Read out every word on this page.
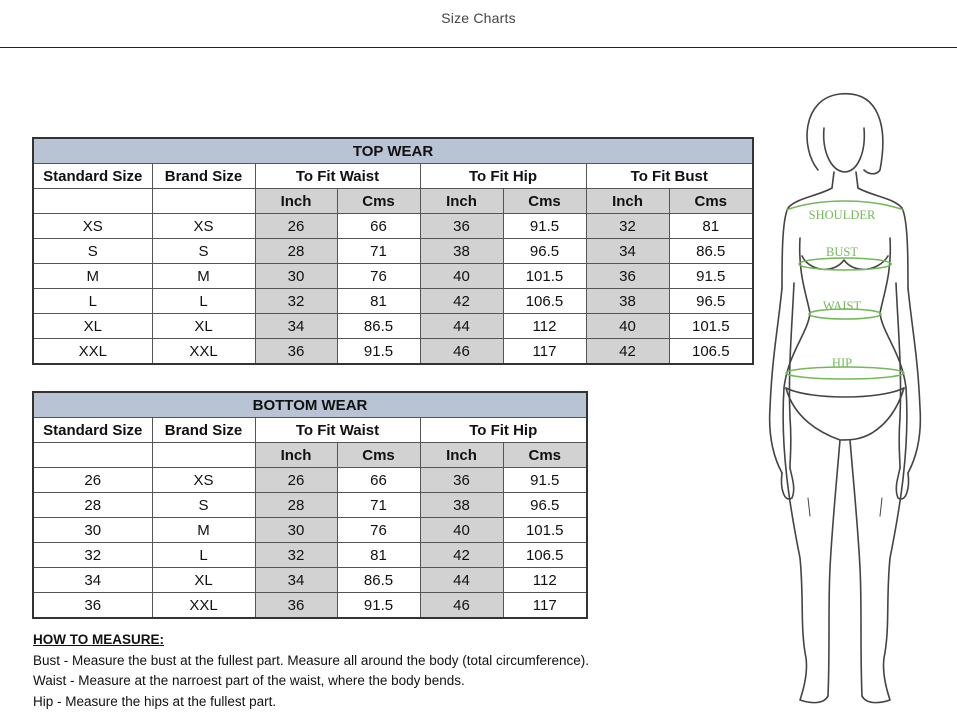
Size Charts
TOP WEAR							
Standard Size	Brand Size	To Fit Waist		To Fit Hip		To Fit Bust	
		Inch	Cms	Inch	Cms	Inch	Cms
XS	XS	26	66	36	91.5	32	81
S	S	28	71	38	96.5	34	86.5
M	M	30	76	40	101.5	36	91.5
L	L	32	81	42	106.5	38	96.5
XL	XL	34	86.5	44	112	40	101.5
XXL	XXL	36	91.5	46	117	42	106.5
BOTTOM WEAR					
Standard Size	Brand Size	To Fit Waist		To Fit Hip	
		Inch	Cms	Inch	Cms
26	XS	26	66	36	91.5
28	S	28	71	38	96.5
30	M	30	76	40	101.5
32	L	32	81	42	106.5
34	XL	34	86.5	44	112
36	XXL	36	91.5	46	117
HOW TO MEASURE:
Bust - Measure the bust at the fullest part. Measure all around the body (total circumference).
Waist - Measure at the narroest part of the waist, where the body bends.
Hip - Measure the hips at the fullest part.
SHOULDER
BUST
WAIST
HIP
